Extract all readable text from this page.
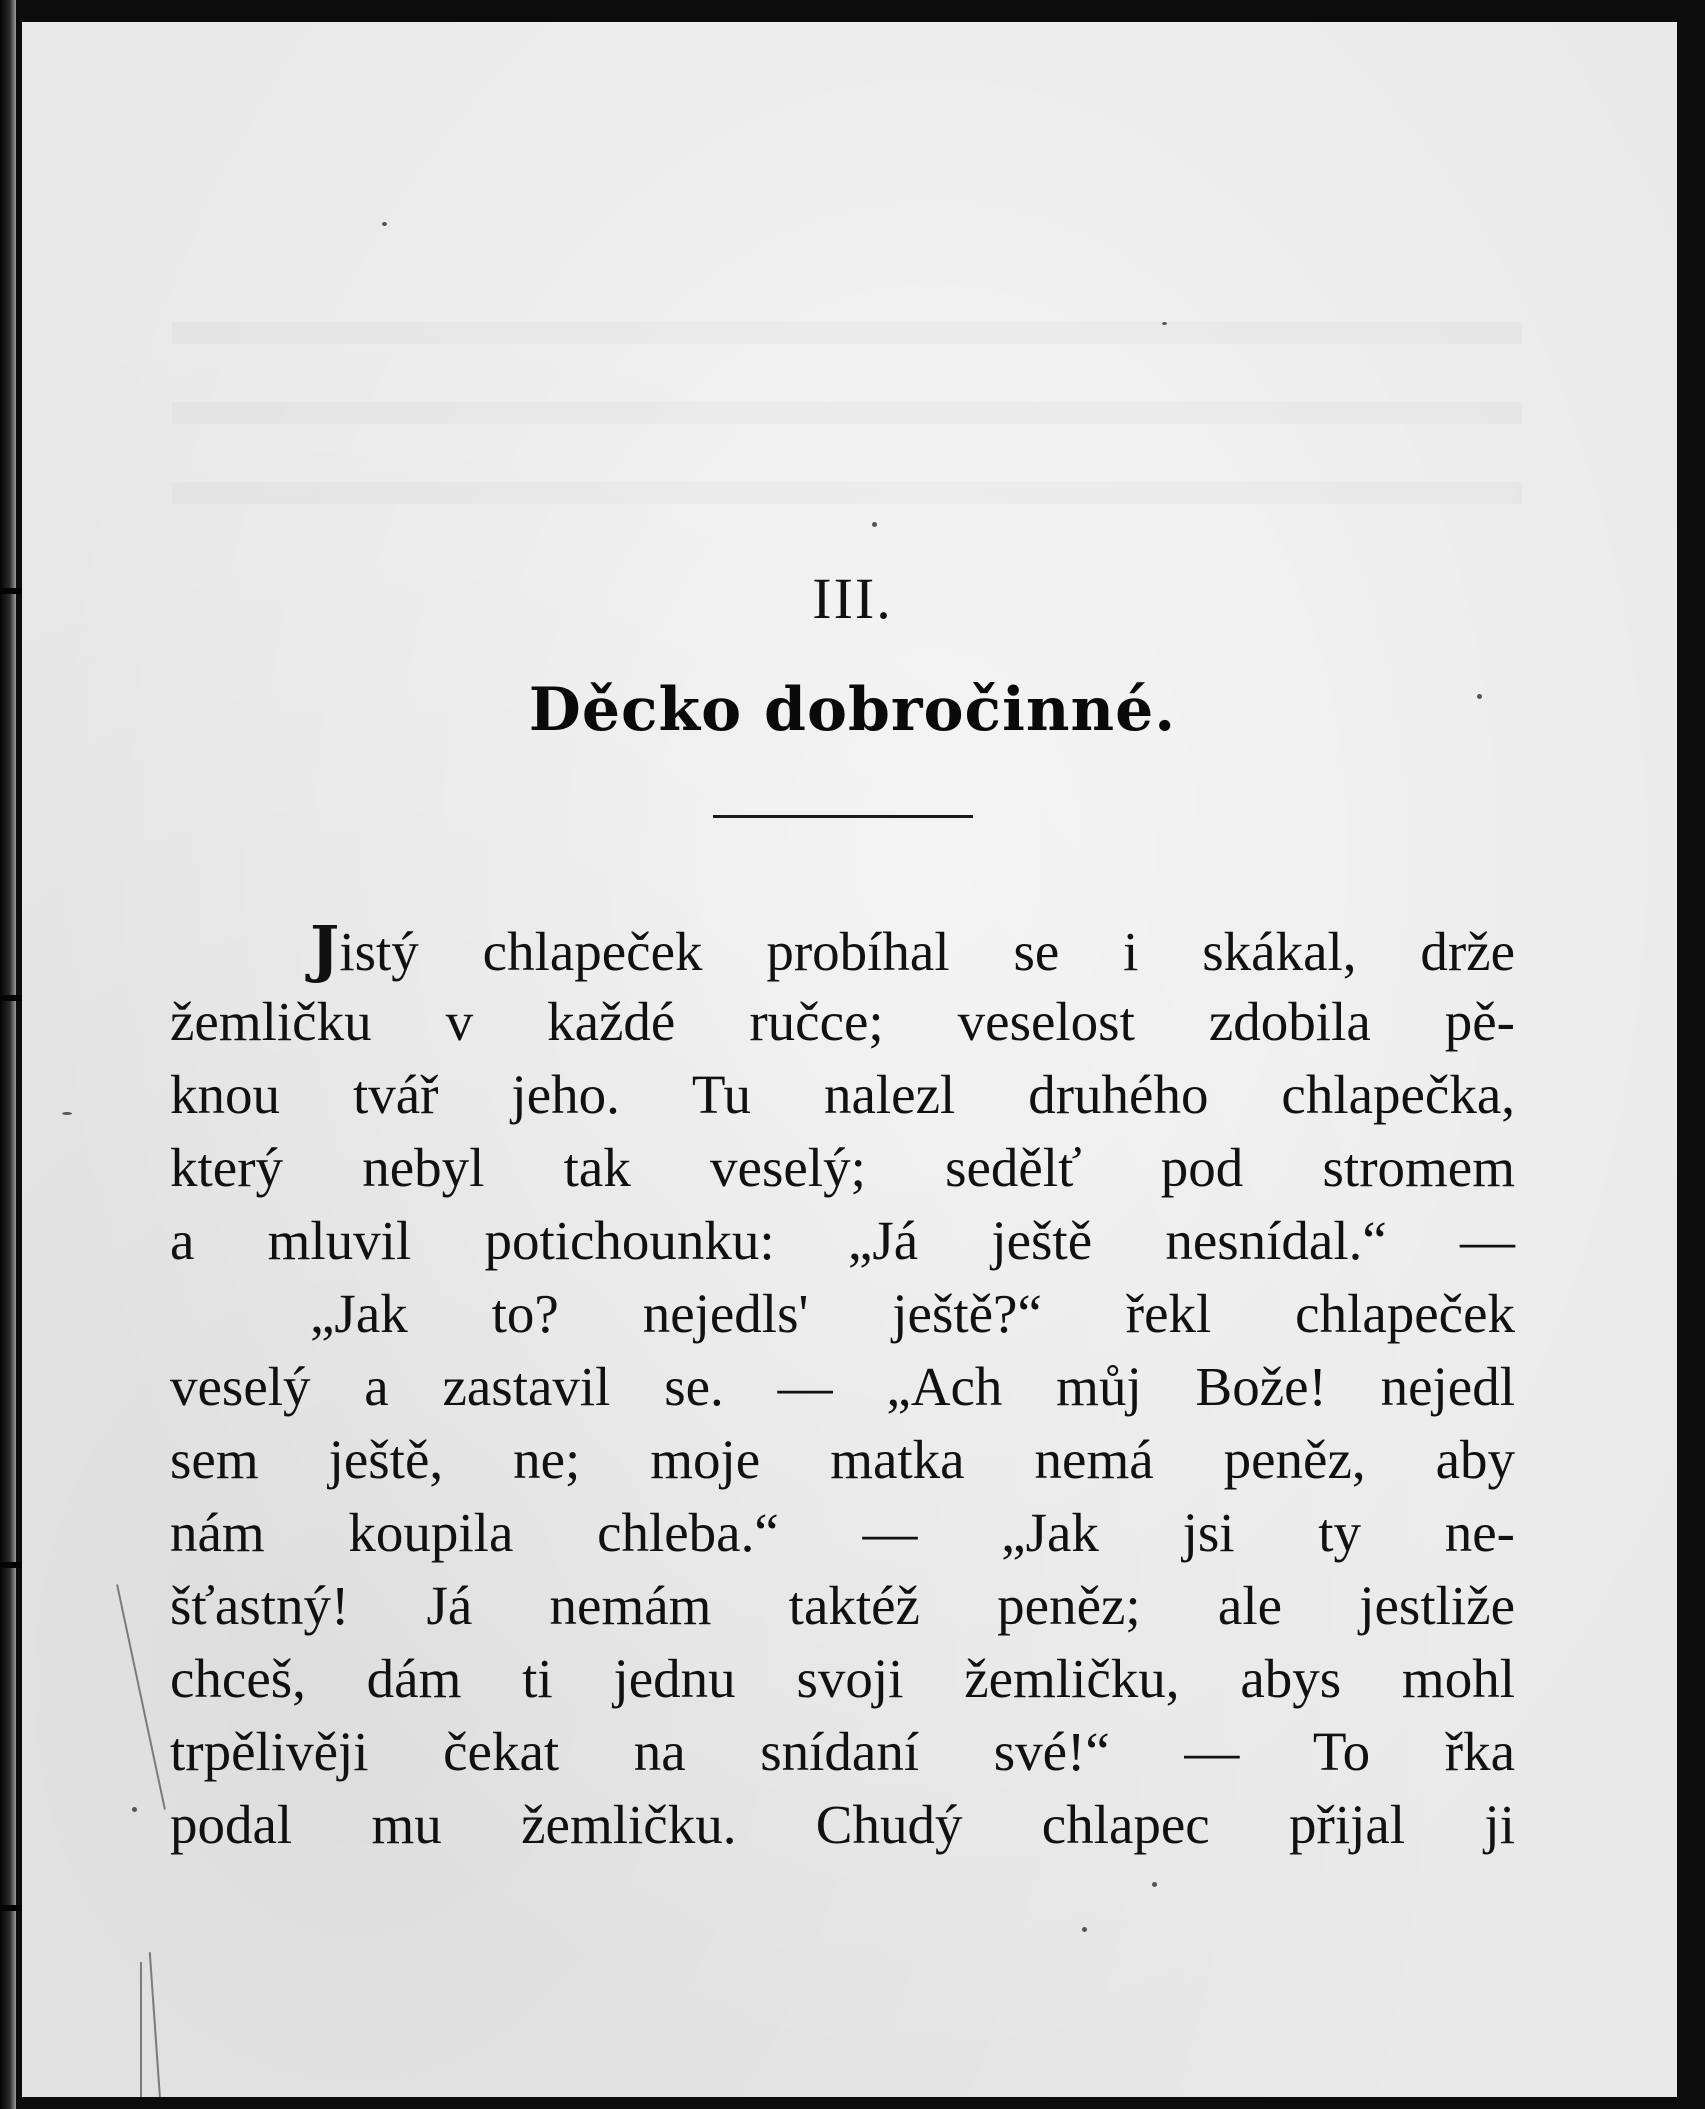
III.
Děcko dobročinné.
Jistý chlapeček probíhal se i skákal, drže
žemličku v každé ručce; veselost zdobila pě-
knou tvář jeho. Tu nalezl druhého chlapečka,
který nebyl tak veselý; sedělť pod stromem
a mluvil potichounku: „Já ještě nesnídal.“ —
„Jak to? nejedls' ještě?“ řekl chlapeček
veselý a zastavil se. — „Ach můj Bože! nejedl
sem ještě, ne; moje matka nemá peněz, aby
nám koupila chleba.“ — „Jak jsi ty ne-
šťastný! Já nemám taktéž peněz; ale jestliže
chceš, dám ti jednu svoji žemličku, abys mohl
trpělivěji čekat na snídaní své!“ — To řka
podal mu žemličku. Chudý chlapec přijal ji
